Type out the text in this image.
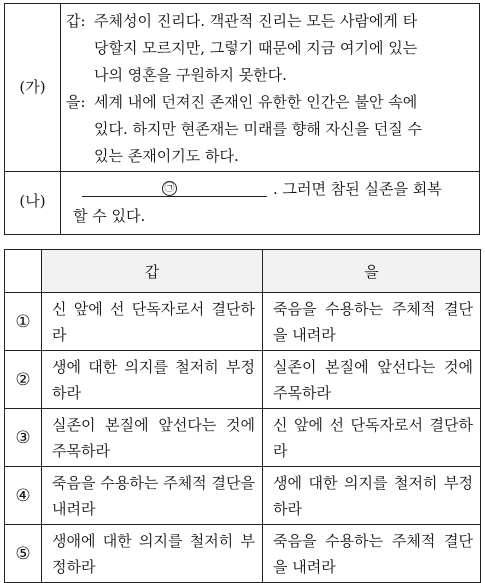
(가)
갑: 주체성이 진리다. 객관적 진리는 모든 사람에게 타
당할지 모르지만, 그렇기 때문에 지금 여기에 있는
나의 영혼을 구원하지 못한다.
을: 세계 내에 던져진 존재인 유한한 인간은 불안 속에
있다. 하지만 현존재는 미래를 향해 자신을 던질 수
있는 존재이기도 하다.
(나)
㉠	. 그러면 참된 실존을 회복
할 수 있다.
	갑	을
①	신 앞에 선 단독자로서 결단하라	죽음을 수용하는 주체적 결단을 내려라
②	생에 대한 의지를 철저히 부정하라	실존이 본질에 앞선다는 것에 주목하라
③	실존이 본질에 앞선다는 것에 주목하라	신 앞에 선 단독자로서 결단하라
④	죽음을 수용하는 주체적 결단을 내려라	생에 대한 의지를 철저히 부정하라
⑤	생애에 대한 의지를 철저히 부정하라	죽음을 수용하는 주체적 결단을 내려라
